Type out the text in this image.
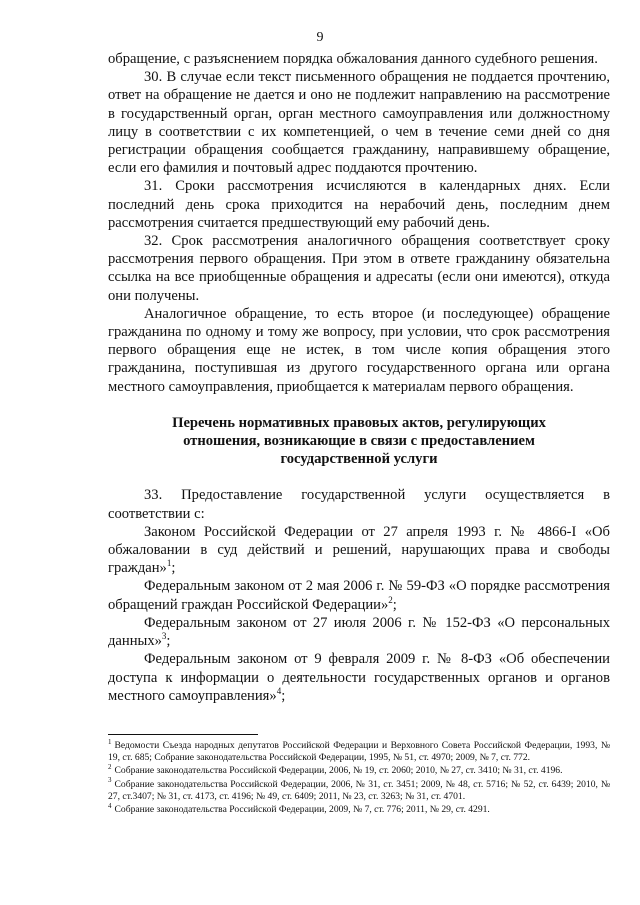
9

обращение, с разъяснением порядка обжалования данного судебного решения.

30. В случае если текст письменного обращения не поддается прочтению, ответ на обращение не дается и оно не подлежит направлению на рассмотрение в государственный орган, орган местного самоуправления или должностному лицу в соответствии с их компетенцией, о чем в течение семи дней со дня регистрации обращения сообщается гражданину, направившему обращение, если его фамилия и почтовый адрес поддаются прочтению.

31. Сроки рассмотрения исчисляются в календарных днях. Если последний день срока приходится на нерабочий день, последним днем рассмотрения считается предшествующий ему рабочий день.

32. Срок рассмотрения аналогичного обращения соответствует сроку рассмотрения первого обращения. При этом в ответе гражданину обязательна ссылка на все приобщенные обращения и адресаты (если они имеются), откуда они получены.

Аналогичное обращение, то есть второе (и последующее) обращение гражданина по одному и тому же вопросу, при условии, что срок рассмотрения первого обращения еще не истек, в том числе копия обращения этого гражданина, поступившая из другого государственного органа или органа местного самоуправления, приобщается к материалам первого обращения.

Перечень нормативных правовых актов, регулирующих отношения, возникающие в связи с предоставлением государственной услуги

33. Предоставление государственной услуги осуществляется в соответствии с:

Законом Российской Федерации от 27 апреля 1993 г. № 4866-I «Об обжаловании в суд действий и решений, нарушающих права и свободы граждан»$^1$;

Федеральным законом от 2 мая 2006 г. № 59-ФЗ «О порядке рассмотрения обращений граждан Российской Федерации»$^2$;

Федеральным законом от 27 июля 2006 г. № 152-ФЗ «О персональных данных»$^3$;

Федеральным законом от 9 февраля 2009 г. № 8-ФЗ «Об обеспечении доступа к информации о деятельности государственных органов и органов местного самоуправления»$^4$;

$^1$ Ведомости Съезда народных депутатов Российской Федерации и Верховного Совета Российской Федерации, 1993, № 19, ст. 685; Собрание законодательства Российской Федерации, 1995, № 51, ст. 4970; 2009, № 7, ст. 772.

$^2$ Собрание законодательства Российской Федерации, 2006, № 19, ст. 2060; 2010, № 27, ст. 3410; № 31, ст. 4196.

$^3$ Собрание законодательства Российской Федерации, 2006, № 31, ст. 3451; 2009, № 48, ст. 5716; № 52, ст. 6439; 2010, № 27, ст.3407; № 31, ст. 4173, ст. 4196; № 49, ст. 6409; 2011, № 23, ст. 3263; № 31, ст. 4701.

$^4$ Собрание законодательства Российской Федерации, 2009, № 7, ст. 776; 2011, № 29, ст. 4291.
